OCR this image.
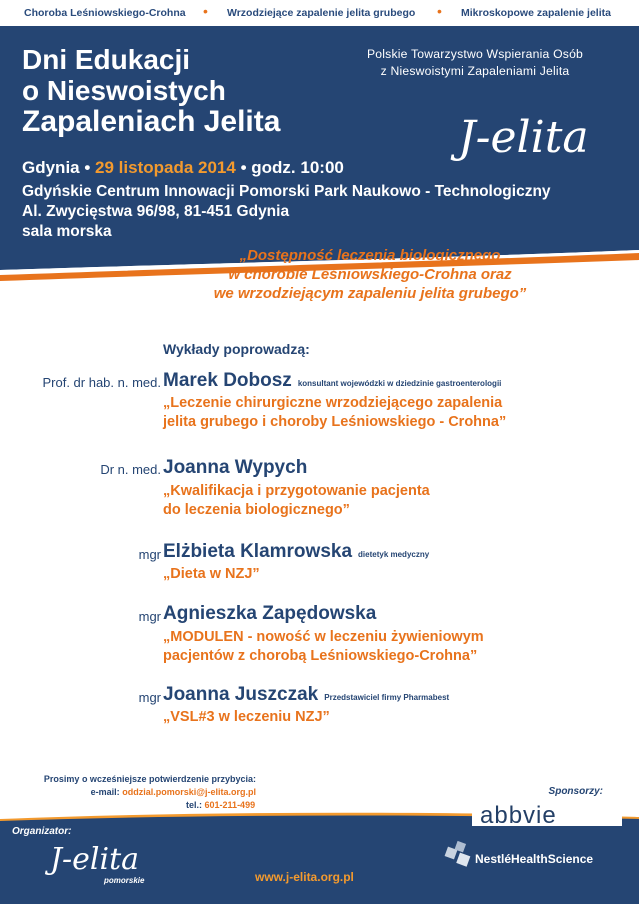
Choroba Leśniowskiego-Crohna • Wrzodziejące zapalenie jelita grubego • Mikroskopowe zapalenie jelita
Dni Edukacji
o Nieswoistych
Zapaleniach Jelita
Polskie Towarzystwo Wspierania Osób
z Nieswoistymi Zapaleniami Jelita
J-elita
Gdynia • 29 listopada 2014 • godz. 10:00
Gdyńskie Centrum Innowacji Pomorski Park Naukowo - Technologiczny
Al. Zwycięstwa 96/98, 81-451 Gdynia
sala morska
„Dostępność leczenia biologicznego
w chorobie Leśniowskiego-Crohna oraz
we wrzodziejącym zapaleniu jelita grubego”
Wykłady poprowadzą:
Prof. dr hab. n. med. Marek Dobosz konsultant wojewódzki w dziedzinie gastroenterologii
„Leczenie chirurgiczne wrzodziejącego zapalenia
jelita grubego i choroby Leśniowskiego - Crohna”
Dr n. med. Joanna Wypych
„Kwalifikacja i przygotowanie pacjenta
do leczenia biologicznego”
mgr Elżbieta Klamrowska dietetyk medyczny
„Dieta w NZJ”
mgr Agnieszka Zapędowska
„MODULEN - nowość w leczeniu żywieniowym
pacjentów z chorobą Leśniowskiego-Crohna”
mgr Joanna Juszczak Przedstawiciel firmy Pharmabest
„VSL#3 w leczeniu NZJ”
Prosimy o wcześniejsze potwierdzenie przybycia:
e-mail: oddzial.pomorski@j-elita.org.pl
tel.: 601-211-499
Sponsorzy:
Organizator:
J-elita
pomorskie	www.j-elita.org.pl
abbvie
NestléHealthScience
